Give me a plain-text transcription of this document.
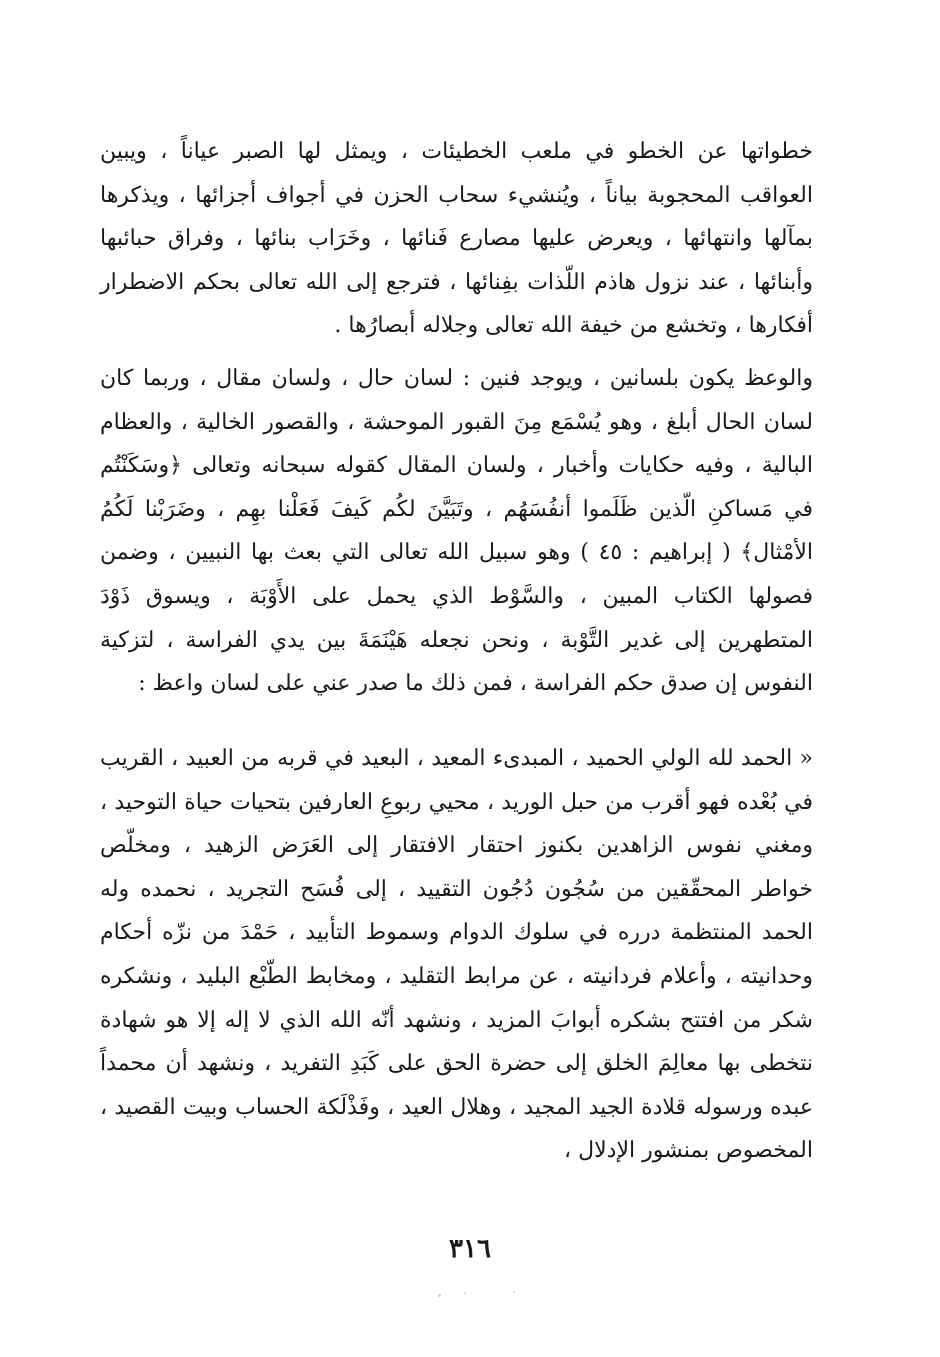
خطواتها عن الخطو في ملعب الخطيئات ، ويمثل لها الصبر عياناً ، ويبين العواقب المحجوبة بياناً ، ويُنشيء سحاب الحزن في أجواف أجزائها ، ويذكرها بمآلها وانتهائها ، ويعرض عليها مصارع فَنائها ، وخَرَاب بنائها ، وفراق حبائبها وأبنائها ، عند نزول هاذم اللّذات بفِنائها ، فترجع إلى الله تعالى بحكم الاضطرار أفكارها ، وتخشع من خيفة الله تعالى وجلاله أبصارُها .

والوعظ يكون بلسانين ، ويوجد فنين : لسان حال ، ولسان مقال ، وربما كان لسان الحال أبلغ ، وهو يُسْمَع مِنَ القبور الموحشة ، والقصور الخالية ، والعظام البالية ، وفيه حكايات وأخبار ، ولسان المقال كقوله سبحانه وتعالى ﴿وسَكَنْتُم في مَساكنِ الّذين ظَلَموا أنفُسَهُم ، وتَبَيَّنَ لكُم كَيفَ فَعَلْنا بهِم ، وضَرَبْنا لَكُمُ الأمْثال﴾ ( إبراهيم : ٤٥ ) وهو سبيل الله تعالى التي بعث بها النبيين ، وضمن فصولها الكتاب المبين ، والسَّوْط الذي يحمل على الأَوْبَة ، ويسوق ذَوْدَ المتطهرين إلى غدير التَّوْبة ، ونحن نجعله هَيْنَمَةَ بين يدي الفراسة ، لتزكية النفوس إن صدق حكم الفراسة ، فمن ذلك ما صدر عني على لسان واعظ :

« الحمد لله الولي الحميد ، المبدىء المعيد ، البعيد في قربه من العبيد ، القريب في بُعْده فهو أقرب من حبل الوريد ، محيي ربوعِ العارفين بتحيات حياة التوحيد ، ومغني نفوس الزاهدين بكنوز احتقار الافتقار إلى العَرَض الزهيد ، ومخلّص خواطر المحقّقين من سُجُون دُجُون التقييد ، إلى فُسَح التجريد ، نحمده وله الحمد المنتظمة درره في سلوك الدوام وسموط التأبيد ، حَمْدَ من نزّه أحكام وحدانيته ، وأعلام فردانيته ، عن مرابط التقليد ، ومخابط الطّبْع البليد ، ونشكره شكر من افتتح بشكره أبوابَ المزيد ، ونشهد أنّه الله الذي لا إله إلا هو شهادة نتخطى بها معالِمَ الخلق إلى حضرة الحق على كَبَدِ التفريد ، ونشهد أن محمداً عبده ورسوله قلادة الجيد المجيد ، وهلال العيد ، وفَذْلَكة الحساب وبيت القصيد ، المخصوص بمنشور الإدلال ،

٣١٦
